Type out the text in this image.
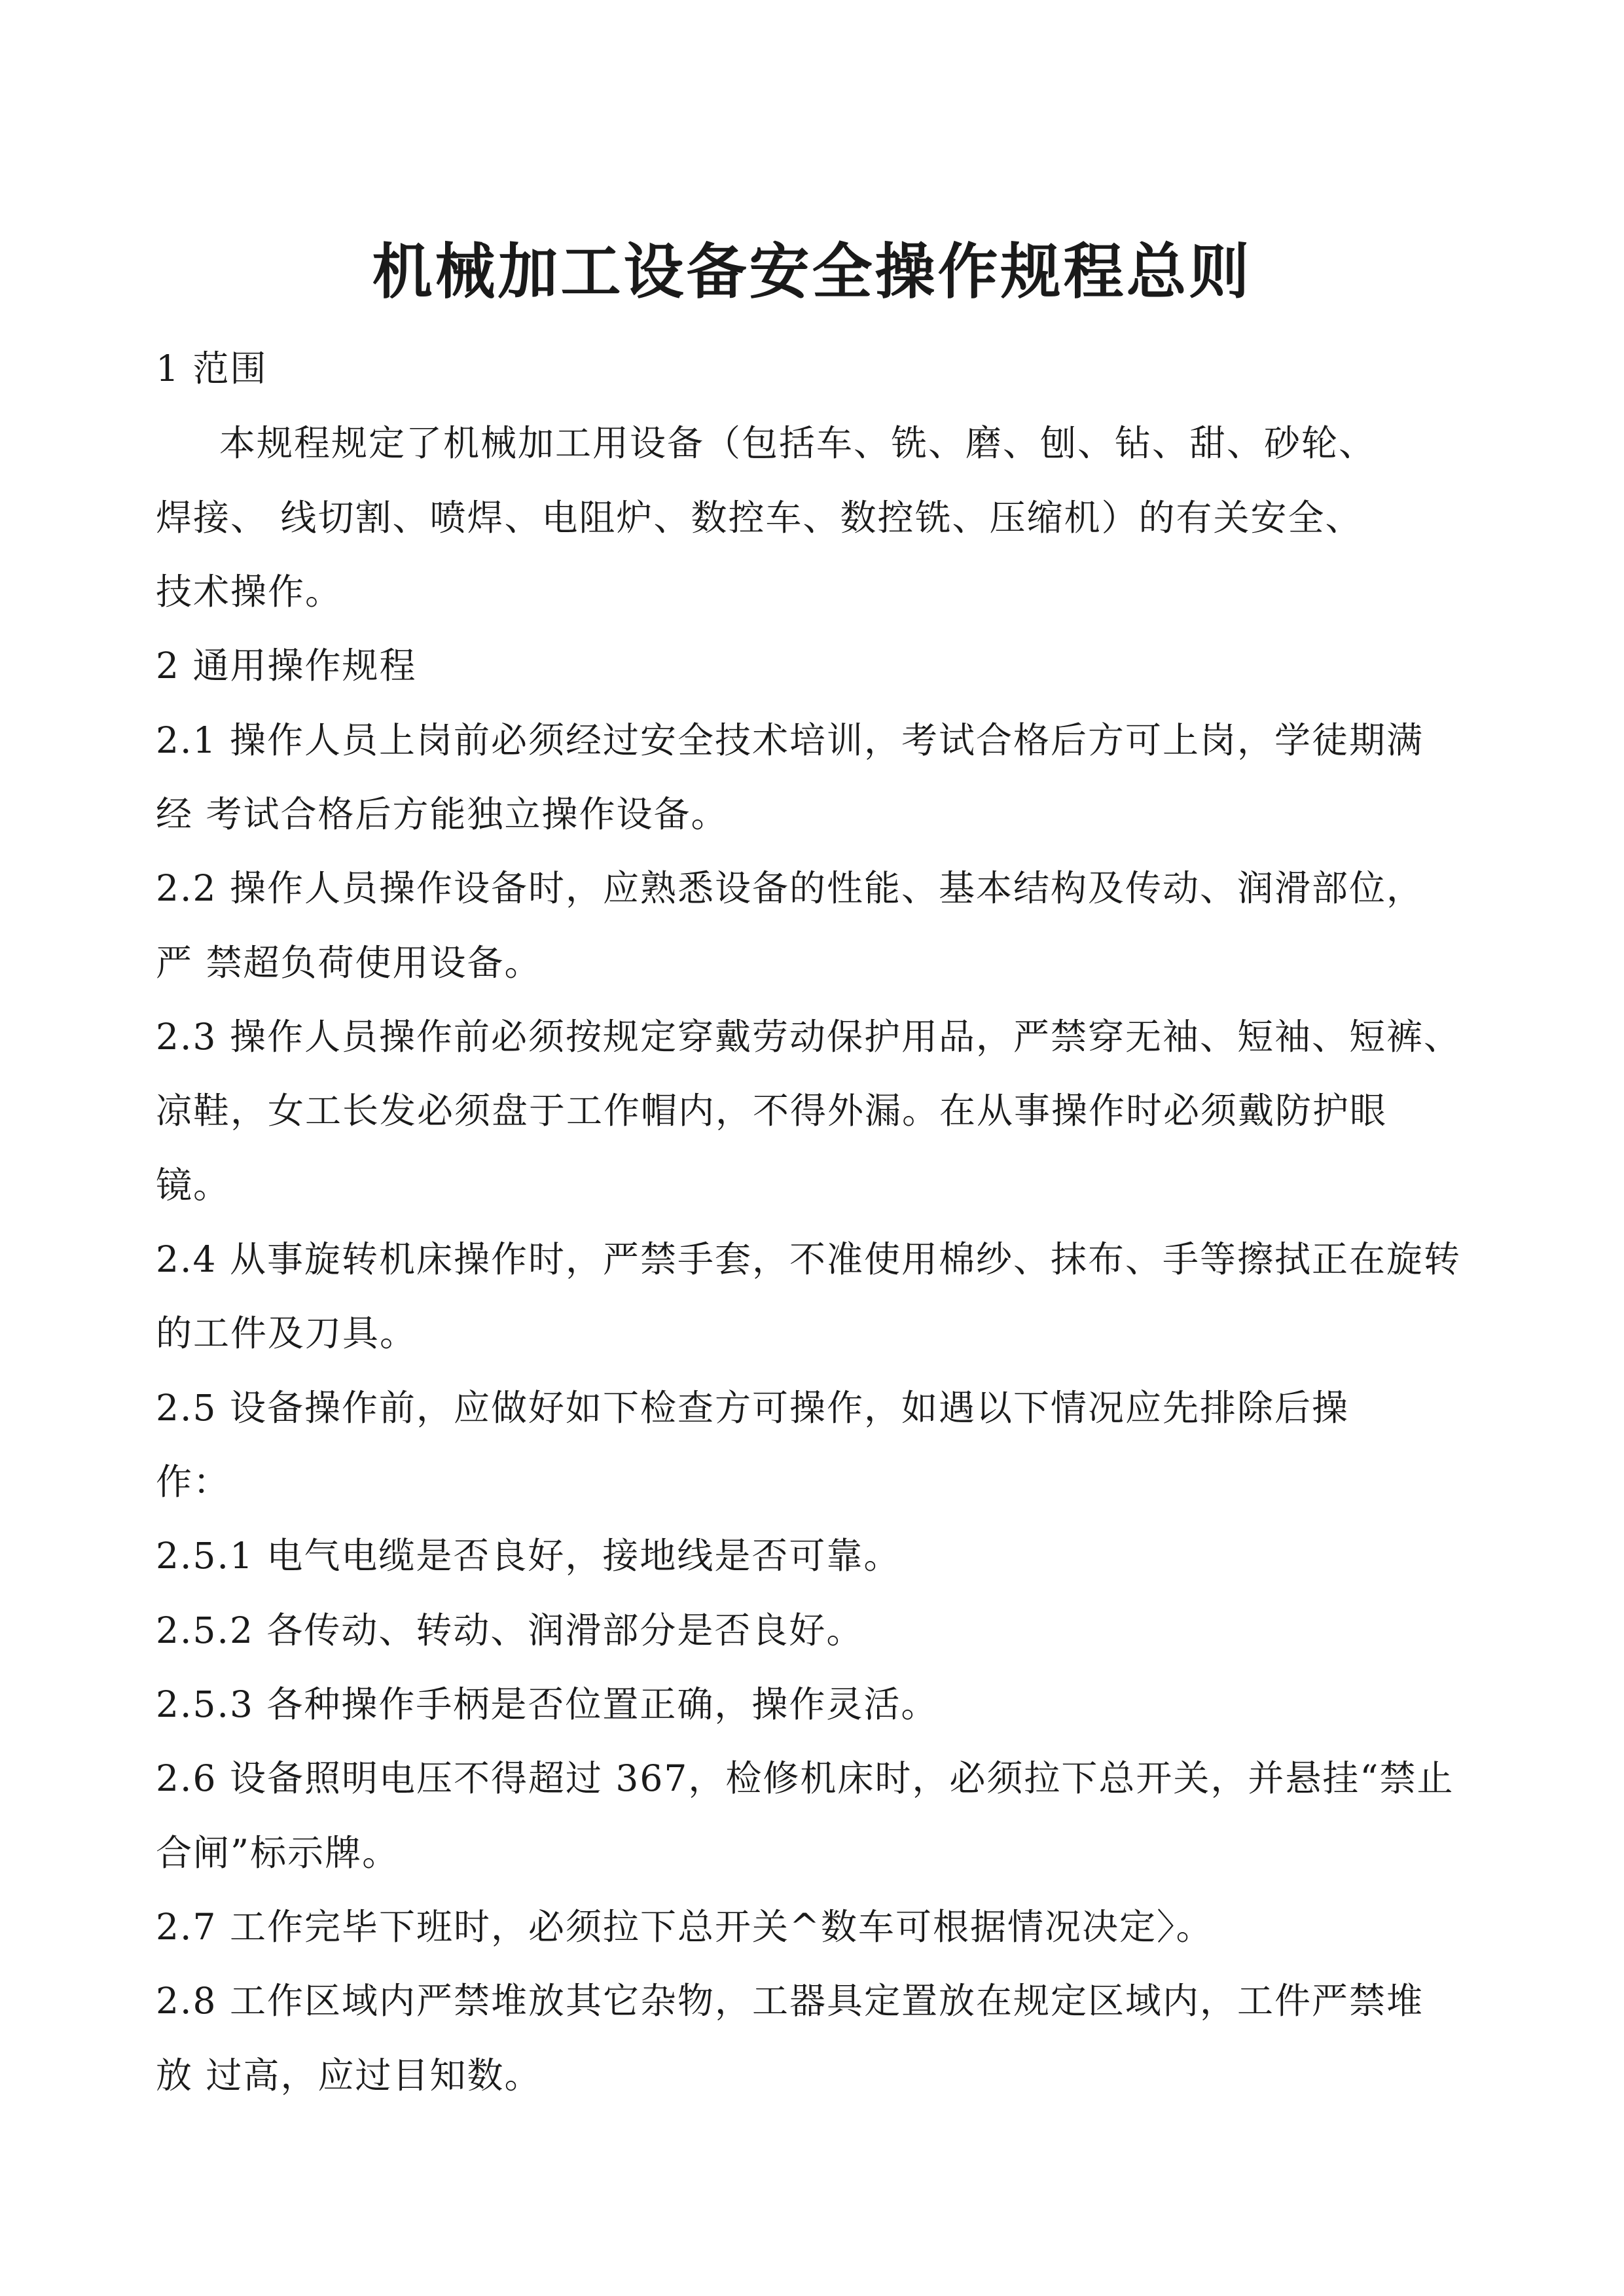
机械加工设备安全操作规程总则
1 范围
本规程规定了机械加工用设备（包括车、铣、磨、刨、钻、甜、砂轮、
焊接、 线切割、喷焊、电阻炉、数控车、数控铣、压缩机）的有关安全、
技术操作。
2 通用操作规程
2.1 操作人员上岗前必须经过安全技术培训，考试合格后方可上岗，学徒期满
经 考试合格后方能独立操作设备。
2.2 操作人员操作设备时，应熟悉设备的性能、基本结构及传动、润滑部位，
严 禁超负荷使用设备。
2.3 操作人员操作前必须按规定穿戴劳动保护用品，严禁穿无袖、短袖、短裤、
凉鞋，女工长发必须盘于工作帽内，不得外漏。在从事操作时必须戴防护眼
镜。
2.4 从事旋转机床操作时，严禁手套，不准使用棉纱、抹布、手等擦拭正在旋转
的工件及刀具。
2.5 设备操作前，应做好如下检查方可操作，如遇以下情况应先排除后操
作：
2.5.1 电气电缆是否良好，接地线是否可靠。
2.5.2 各传动、转动、润滑部分是否良好。
2.5.3 各种操作手柄是否位置正确，操作灵活。
2.6 设备照明电压不得超过 367，检修机床时，必须拉下总开关，并悬挂“禁止
合闸”标示牌。
2.7 工作完毕下班时，必须拉下总开关^数车可根据情况决定〉。
2.8 工作区域内严禁堆放其它杂物，工器具定置放在规定区域内，工件严禁堆
放 过高，应过目知数。
